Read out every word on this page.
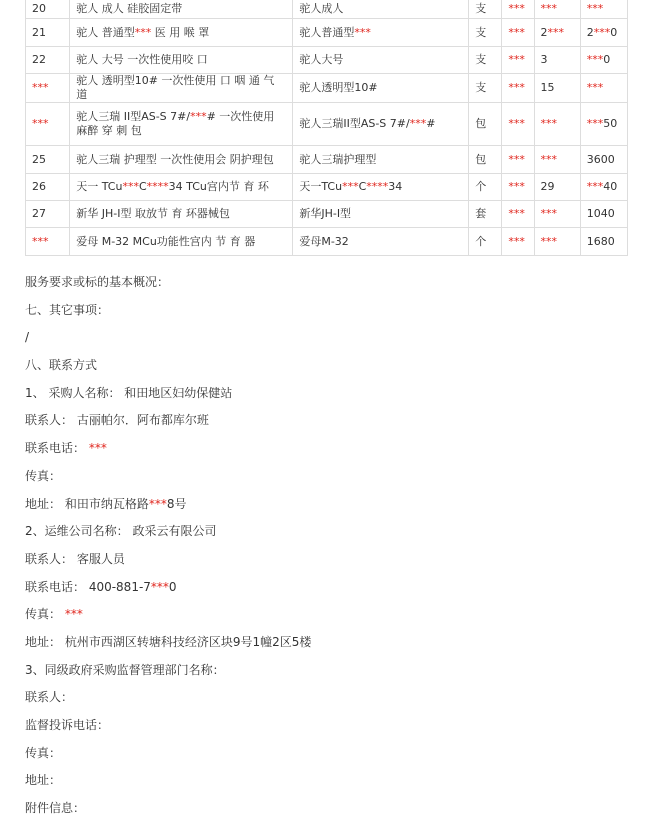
20	驼人 成人 硅胶固定带	驼人成人	支	***	***	***
21	驼人 普通型*** 医 用 喉 罩	驼人普通型***	支	***	2***	2***0
22	驼人 大号 一次性使用咬 口	驼人大号	支	***	3	***0
***	驼人 透明型10# 一次性使用 口 咽 通 气 道	驼人透明型10#	支	***	15	***
***	驼人三瑞 II型AS-S 7#/***# 一次性使用 麻醉 穿 刺 包	驼人三瑞II型AS-S 7#/***#	包	***	***	***50
25	驼人三瑞 护理型 一次性使用会 阴护理包	驼人三瑞护理型	包	***	***	3600
26	天一 TCu***C****34 TCu宫内节 育 环	天一TCu***C****34	个	***	29	***40
27	新华 JH-I型 取放节 育 环器械包	新华JH-I型	套	***	***	1040
***	爱母 M-32 MCu功能性宫内 节 育 器	爱母M-32	个	***	***	1680
服务要求或标的基本概况：
七、其它事项：
/
八、联系方式
1、 采购人名称： 和田地区妇幼保健站
联系人： 古丽帕尔．阿布都库尔班
联系电话： ***
传真：
地址： 和田市纳瓦格路***8号
2、运维公司名称： 政采云有限公司
联系人： 客服人员
联系电话： 400-881-7***0
传真： ***
地址： 杭州市西湖区转塘科技经济区块9号1幢2区5楼
3、同级政府采购监督管理部门名称：
联系人：
监督投诉电话：
传真：
地址：
附件信息：
